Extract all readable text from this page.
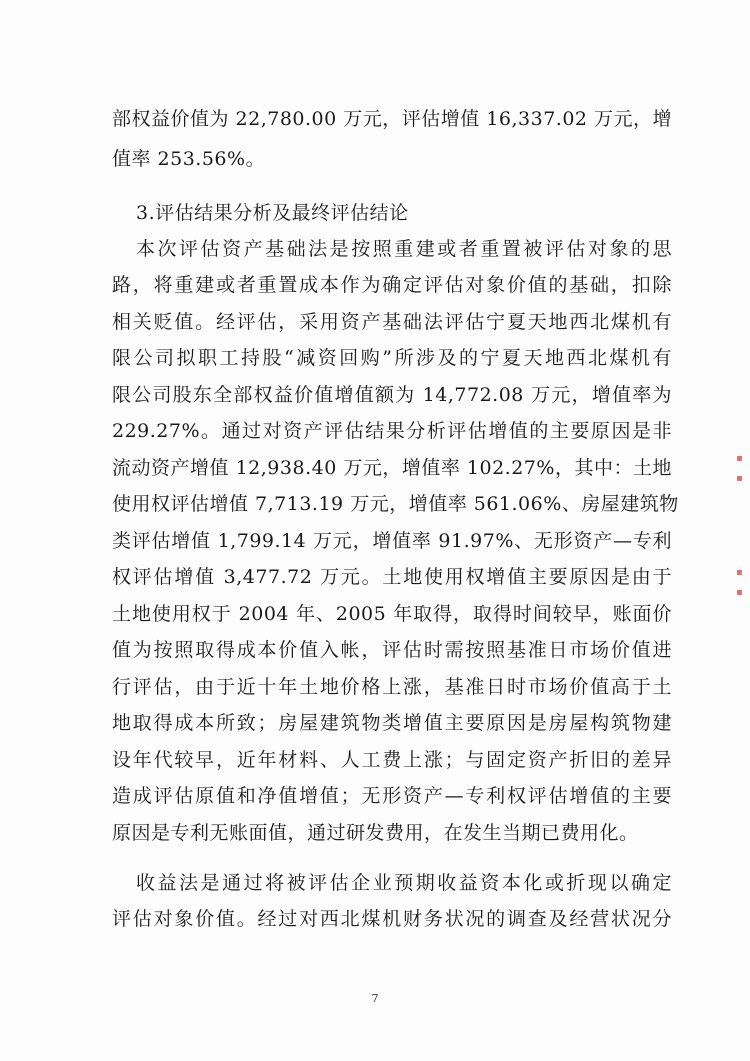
部权益价值为 22,780.00 万元，评估增值 16,337.02 万元，增
值率 253.56%。
3.评估结果分析及最终评估结论
本次评估资产基础法是按照重建或者重置被评估对象的思
路，将重建或者重置成本作为确定评估对象价值的基础，扣除
相关贬值。经评估，采用资产基础法评估宁夏天地西北煤机有
限公司拟职工持股“减资回购”所涉及的宁夏天地西北煤机有
限公司股东全部权益价值增值额为 14,772.08 万元，增值率为
229.27%。通过对资产评估结果分析评估增值的主要原因是非
流动资产增值 12,938.40 万元，增值率 102.27%，其中：土地
使用权评估增值 7,713.19 万元，增值率 561.06%、房屋建筑物
类评估增值 1,799.14 万元，增值率 91.97%、无形资产—专利
权评估增值 3,477.72 万元。土地使用权增值主要原因是由于
土地使用权于 2004 年、2005 年取得，取得时间较早，账面价
值为按照取得成本价值入帐，评估时需按照基准日市场价值进
行评估，由于近十年土地价格上涨，基准日时市场价值高于土
地取得成本所致；房屋建筑物类增值主要原因是房屋构筑物建
设年代较早，近年材料、人工费上涨；与固定资产折旧的差异
造成评估原值和净值增值；无形资产—专利权评估增值的主要
原因是专利无账面值，通过研发费用，在发生当期已费用化。
收益法是通过将被评估企业预期收益资本化或折现以确定
评估对象价值。经过对西北煤机财务状况的调查及经营状况分
7
▪
▪
▪
▪
